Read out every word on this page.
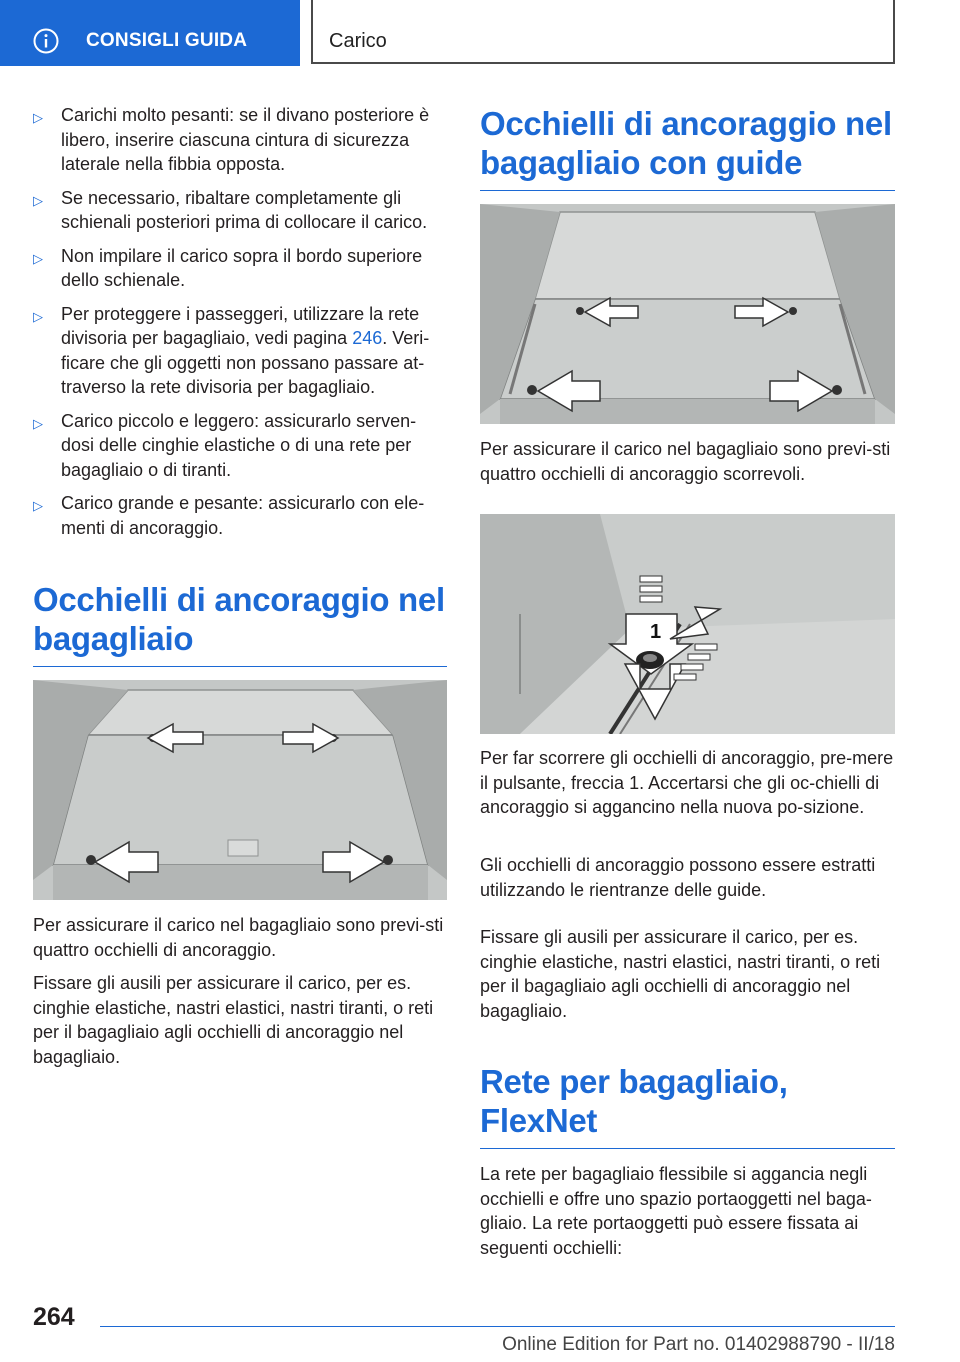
CONSIGLI GUIDA	Carico
▷ Carichi molto pesanti: se il divano posteriore è libero, inserire ciascuna cintura di sicurezza laterale nella fibbia opposta.
▷ Se necessario, ribaltare completamente gli schienali posteriori prima di collocare il carico.
▷ Non impilare il carico sopra il bordo superiore dello schienale.
▷ Per proteggere i passeggeri, utilizzare la rete divisoria per bagagliaio, vedi pagina 246. Veri-ficare che gli oggetti non possano passare at-traverso la rete divisoria per bagagliaio.
▷ Carico piccolo e leggero: assicurarlo serven-dosi delle cinghie elastiche o di una rete per bagagliaio o di tiranti.
▷ Carico grande e pesante: assicurarlo con ele-menti di ancoraggio.
Occhielli di ancoraggio nel bagagliaio

Per assicurare il carico nel bagagliaio sono previ-sti quattro occhielli di ancoraggio.

Fissare gli ausili per assicurare il carico, per es. cinghie elastiche, nastri elastici, nastri tiranti, o reti per il bagagliaio agli occhielli di ancoraggio nel bagagliaio.

Occhielli di ancoraggio nel bagagliaio con guide

Per assicurare il carico nel bagagliaio sono previ-sti quattro occhielli di ancoraggio scorrevoli.

1

Per far scorrere gli occhielli di ancoraggio, pre-mere il pulsante, freccia 1. Accertarsi che gli oc-chielli di ancoraggio si aggancino nella nuova po-sizione.

Gli occhielli di ancoraggio possono essere estratti utilizzando le rientranze delle guide.

Fissare gli ausili per assicurare il carico, per es. cinghie elastiche, nastri elastici, nastri tiranti, o reti per il bagagliaio agli occhielli di ancoraggio nel bagagliaio.

Rete per bagagliaio, FlexNet

La rete per bagagliaio flessibile si aggancia negli occhielli e offre uno spazio portaoggetti nel baga-gliaio. La rete portaoggetti può essere fissata ai seguenti occhielli:

264
Online Edition for Part no. 01402988790 - II/18
